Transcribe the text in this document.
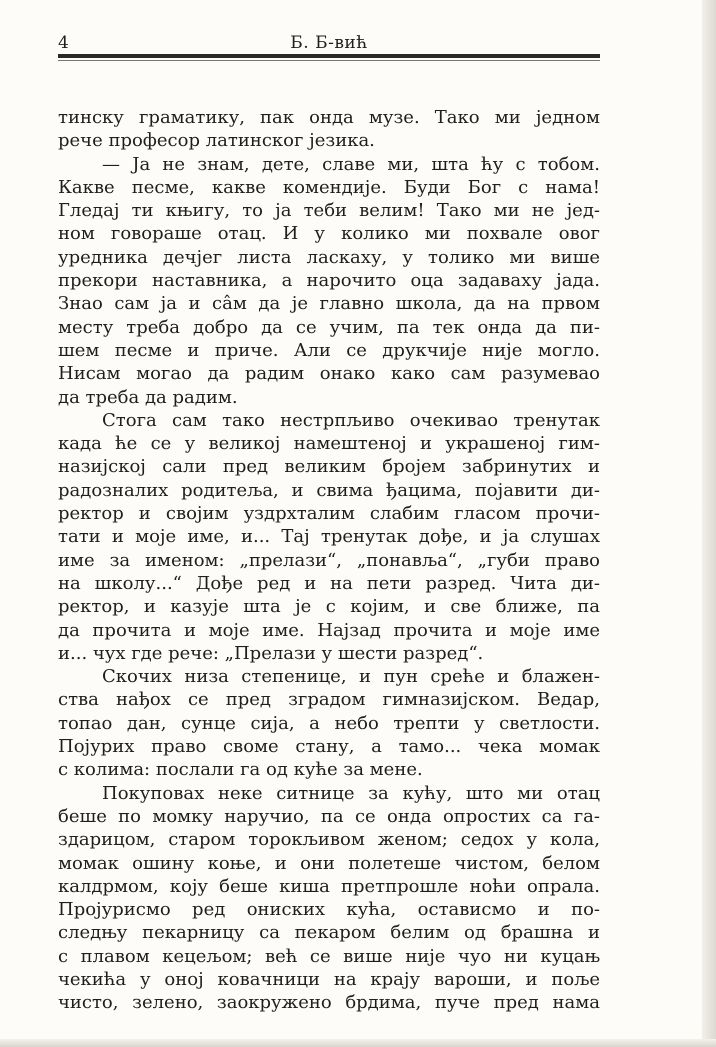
4	Б. Б-вић
тинску граматику, пак онда музе. Тако ми једном
рече професор латинског језика.
— Ја не знам, дете, славе ми, шта ћу с тобом.
Какве песме, какве комендије. Буди Бог с нама!
Гледај ти књигу, то ја теби велим! Тако ми не јед-
ном говораше отац. И у колико ми похвале овог
уредника дечјег листа ласкаху, у толико ми више
прекори наставника, а нарочито оца задаваху јада.
Знао сам ја и сâм да је главно школа, да на првом
месту треба добро да се учим, па тек онда да пи-
шем песме и приче. Али се друкчије није могло.
Нисам могао да радим онако како сам разумевао
да треба да радим.
Стога сам тако нестрпљиво очекивао тренутак
када ће се у великој намештеној и украшеној гим-
назијској сали пред великим бројем забринутих и
радозналих родитеља, и свима ђацима, појавити ди-
ректор и својим уздрхталим слабим гласом прочи-
тати и моје име, и... Тај тренутак дође, и ја слушах
име за именом: „прелази“, „понавља“, „губи право
на школу...“ Дође ред и на пети разред. Чита ди-
ректор, и казује шта је с којим, и све ближе, па
да прочита и моје име. Најзад прочита и моје име
и... чух где рече: „Прелази у шести разред“.
Скочих низа степенице, и пун среће и блажен-
ства нађох се пред зградом гимназијском. Ведар,
топао дан, сунце сија, а небо трепти у светлости.
Појурих право своме стану, а тамо... чека момак
с колима: послали га од куће за мене.
Покуповах неке ситнице за кућу, што ми отац
беше по момку наручио, па се онда опростих са га-
здарицом, старом торокљивом женом; седох у кола,
момак ошину коње, и они полетеше чистом, белом
калдрмом, коју беше киша претпрошле ноћи опрала.
Пројурисмо ред ониских кућа, остависмо и по-
следњу пекарницу са пекаром белим од брашна и
с плавом кецељом; већ се више није чуо ни куцањ
чекића у оној ковачници на крају вароши, и поље
чисто, зелено, заокружено брдима, пуче пред нама
